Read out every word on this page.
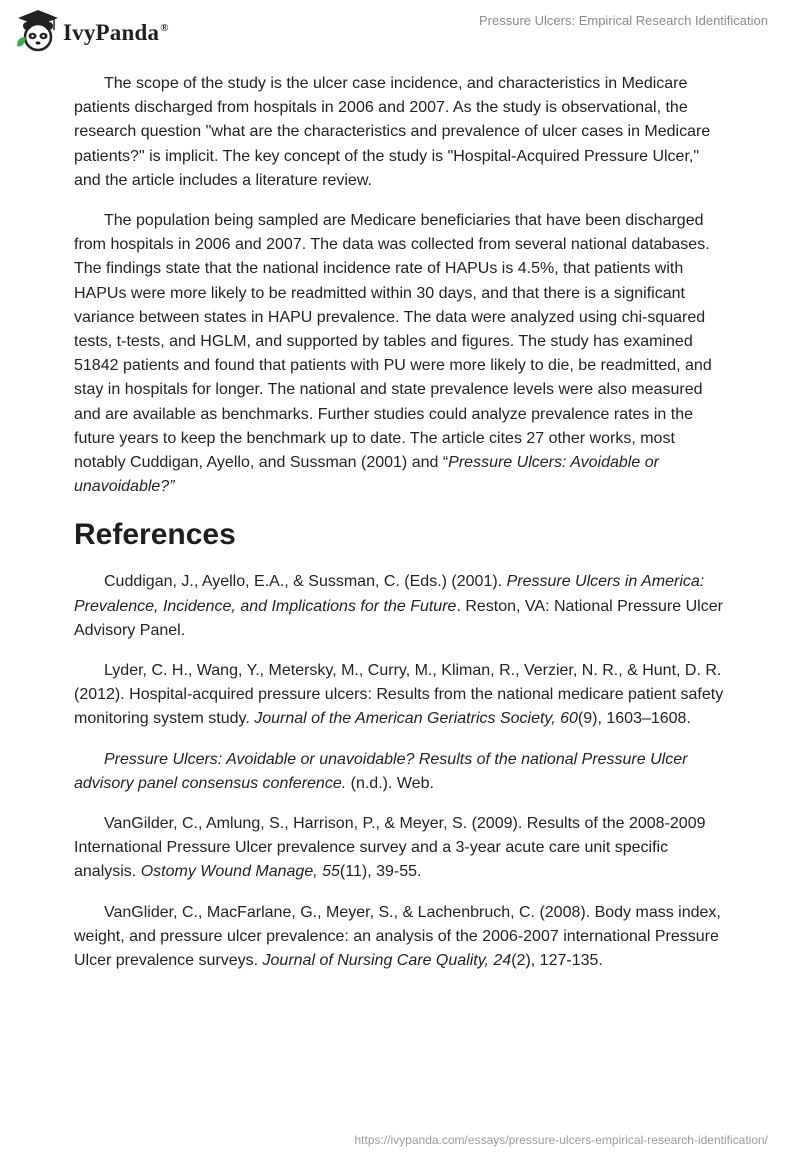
IvyPanda®
Pressure Ulcers: Empirical Research Identification

The scope of the study is the ulcer case incidence, and characteristics in Medicare patients discharged from hospitals in 2006 and 2007. As the study is observational, the research question "what are the characteristics and prevalence of ulcer cases in Medicare patients?" is implicit. The key concept of the study is "Hospital-Acquired Pressure Ulcer," and the article includes a literature review.

The population being sampled are Medicare beneficiaries that have been discharged from hospitals in 2006 and 2007. The data was collected from several national databases. The findings state that the national incidence rate of HAPUs is 4.5%, that patients with HAPUs were more likely to be readmitted within 30 days, and that there is a significant variance between states in HAPU prevalence. The data were analyzed using chi-squared tests, t-tests, and HGLM, and supported by tables and figures. The study has examined 51842 patients and found that patients with PU were more likely to die, be readmitted, and stay in hospitals for longer. The national and state prevalence levels were also measured and are available as benchmarks. Further studies could analyze prevalence rates in the future years to keep the benchmark up to date. The article cites 27 other works, most notably Cuddigan, Ayello, and Sussman (2001) and “Pressure Ulcers: Avoidable or unavoidable?”

References

Cuddigan, J., Ayello, E.A., & Sussman, C. (Eds.) (2001). Pressure Ulcers in America: Prevalence, Incidence, and Implications for the Future. Reston, VA: National Pressure Ulcer Advisory Panel.

Lyder, C. H., Wang, Y., Metersky, M., Curry, M., Kliman, R., Verzier, N. R., & Hunt, D. R. (2012). Hospital-acquired pressure ulcers: Results from the national medicare patient safety monitoring system study. Journal of the American Geriatrics Society, 60(9), 1603–1608.

Pressure Ulcers: Avoidable or unavoidable? Results of the national Pressure Ulcer advisory panel consensus conference. (n.d.). Web.

VanGilder, C., Amlung, S., Harrison, P., & Meyer, S. (2009). Results of the 2008-2009 International Pressure Ulcer prevalence survey and a 3-year acute care unit specific analysis. Ostomy Wound Manage, 55(11), 39-55.

VanGlider, C., MacFarlane, G., Meyer, S., & Lachenbruch, C. (2008). Body mass index, weight, and pressure ulcer prevalence: an analysis of the 2006-2007 international Pressure Ulcer prevalence surveys. Journal of Nursing Care Quality, 24(2), 127-135.

https://ivypanda.com/essays/pressure-ulcers-empirical-research-identification/
